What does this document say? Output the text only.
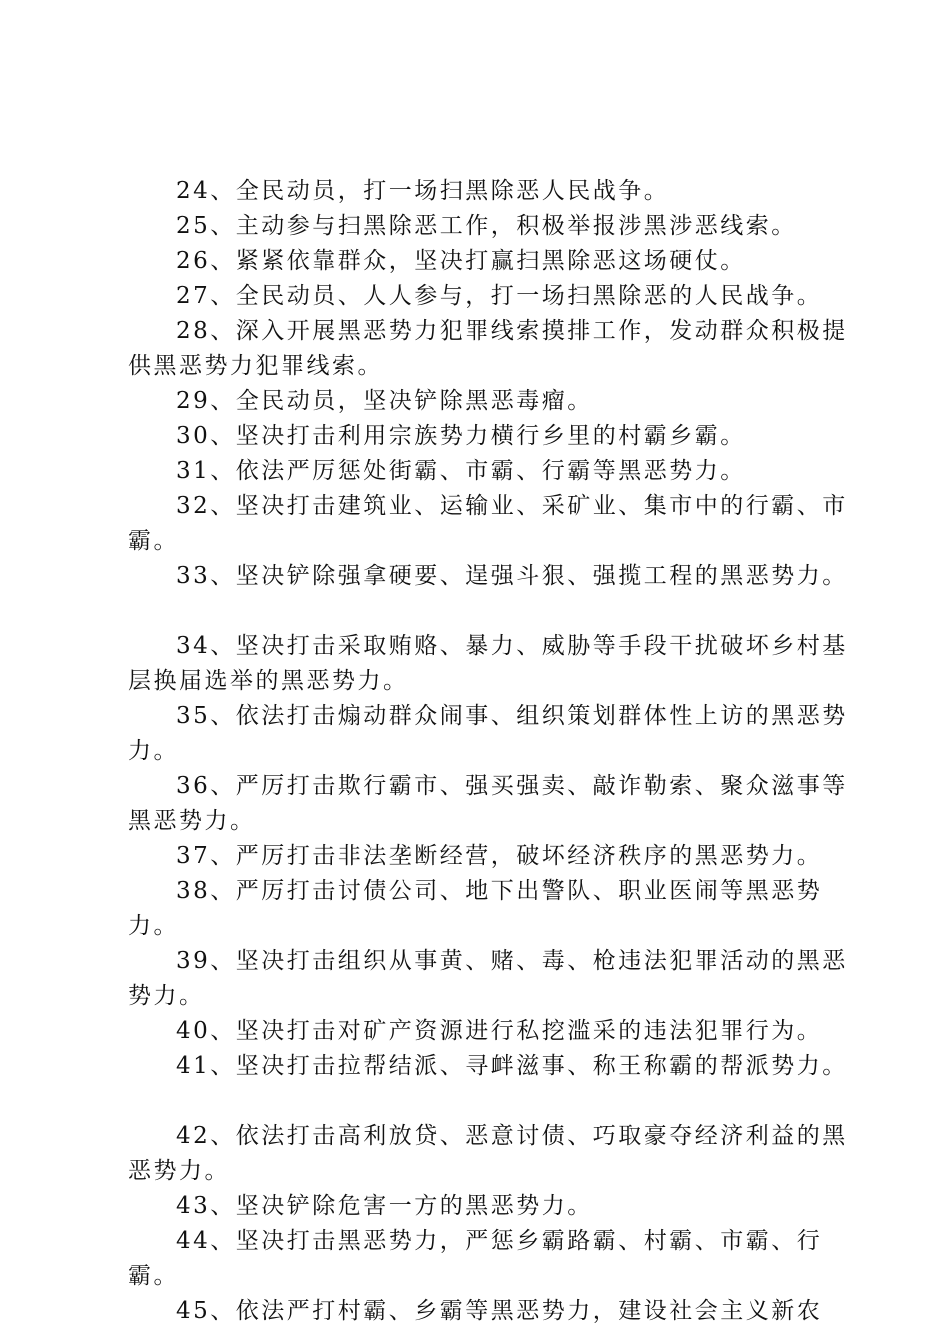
24、全民动员，打一场扫黑除恶人民战争。

25、主动参与扫黑除恶工作，积极举报涉黑涉恶线索。

26、紧紧依靠群众，坚决打赢扫黑除恶这场硬仗。

27、全民动员、人人参与，打一场扫黑除恶的人民战争。

28、深入开展黑恶势力犯罪线索摸排工作，发动群众积极提供黑恶势力犯罪线索。

29、全民动员，坚决铲除黑恶毒瘤。

30、坚决打击利用宗族势力横行乡里的村霸乡霸。

31、依法严厉惩处街霸、市霸、行霸等黑恶势力。

32、坚决打击建筑业、运输业、采矿业、集市中的行霸、市霸。

33、坚决铲除强拿硬要、逞强斗狠、强揽工程的黑恶势力。

34、坚决打击采取贿赂、暴力、威胁等手段干扰破坏乡村基层换届选举的黑恶势力。

35、依法打击煽动群众闹事、组织策划群体性上访的黑恶势力。

36、严厉打击欺行霸市、强买强卖、敲诈勒索、聚众滋事等黑恶势力。

37、严厉打击非法垄断经营，破坏经济秩序的黑恶势力。

38、严厉打击讨债公司、地下出警队、职业医闹等黑恶势力。

39、坚决打击组织从事黄、赌、毒、枪违法犯罪活动的黑恶势力。

40、坚决打击对矿产资源进行私挖滥采的违法犯罪行为。

41、坚决打击拉帮结派、寻衅滋事、称王称霸的帮派势力。

42、依法打击高利放贷、恶意讨债、巧取豪夺经济利益的黑恶势力。

43、坚决铲除危害一方的黑恶势力。

44、坚决打击黑恶势力，严惩乡霸路霸、村霸、市霸、行霸。

45、依法严打村霸、乡霸等黑恶势力，建设社会主义新农
